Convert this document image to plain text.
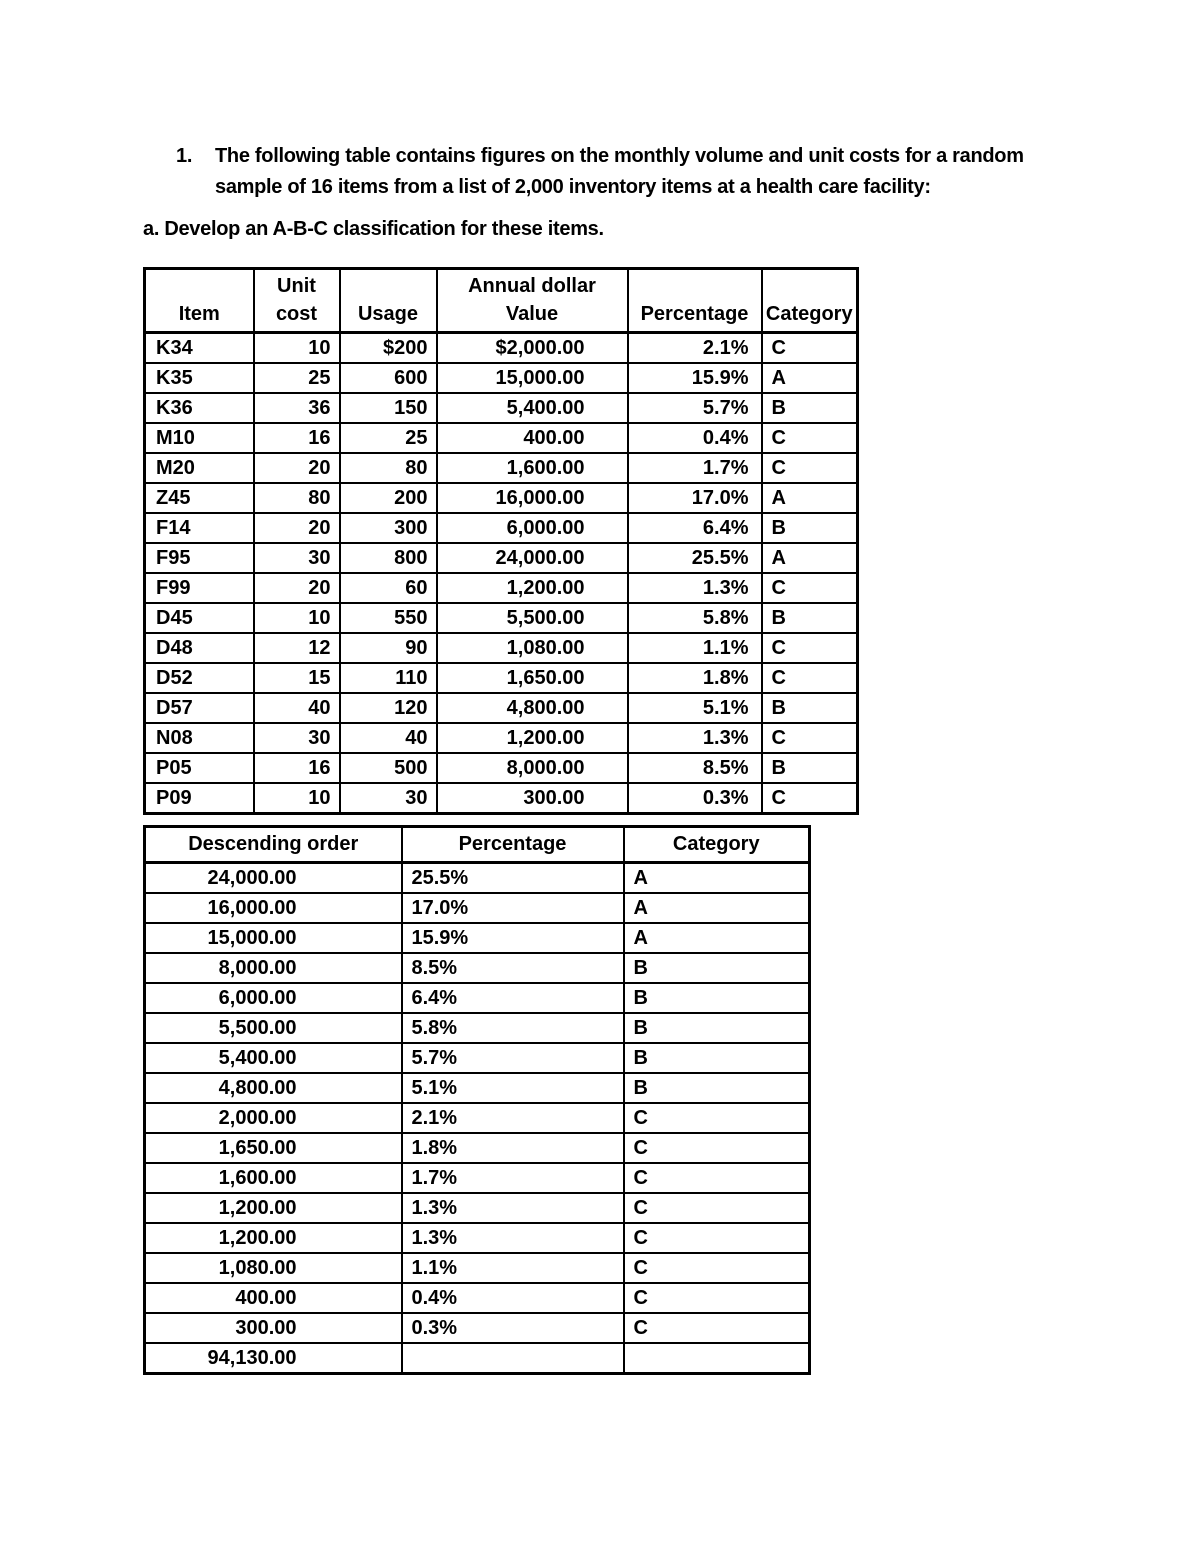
1. The following table contains figures on the monthly volume and unit costs for a random
sample of 16 items from a list of 2,000 inventory items at a health care facility:
a. Develop an A-B-C classification for these items.
Item	Unit cost	Usage	Annual dollar Value	Percentage	Category
K34	10	$200	$2,000.00	2.1%	C
K35	25	600	15,000.00	15.9%	A
K36	36	150	5,400.00	5.7%	B
M10	16	25	400.00	0.4%	C
M20	20	80	1,600.00	1.7%	C
Z45	80	200	16,000.00	17.0%	A
F14	20	300	6,000.00	6.4%	B
F95	30	800	24,000.00	25.5%	A
F99	20	60	1,200.00	1.3%	C
D45	10	550	5,500.00	5.8%	B
D48	12	90	1,080.00	1.1%	C
D52	15	110	1,650.00	1.8%	C
D57	40	120	4,800.00	5.1%	B
N08	30	40	1,200.00	1.3%	C
P05	16	500	8,000.00	8.5%	B
P09	10	30	300.00	0.3%	C
Descending order	Percentage	Category
24,000.00	25.5%	A
16,000.00	17.0%	A
15,000.00	15.9%	A
8,000.00	8.5%	B
6,000.00	6.4%	B
5,500.00	5.8%	B
5,400.00	5.7%	B
4,800.00	5.1%	B
2,000.00	2.1%	C
1,650.00	1.8%	C
1,600.00	1.7%	C
1,200.00	1.3%	C
1,200.00	1.3%	C
1,080.00	1.1%	C
400.00	0.4%	C
300.00	0.3%	C
94,130.00		
